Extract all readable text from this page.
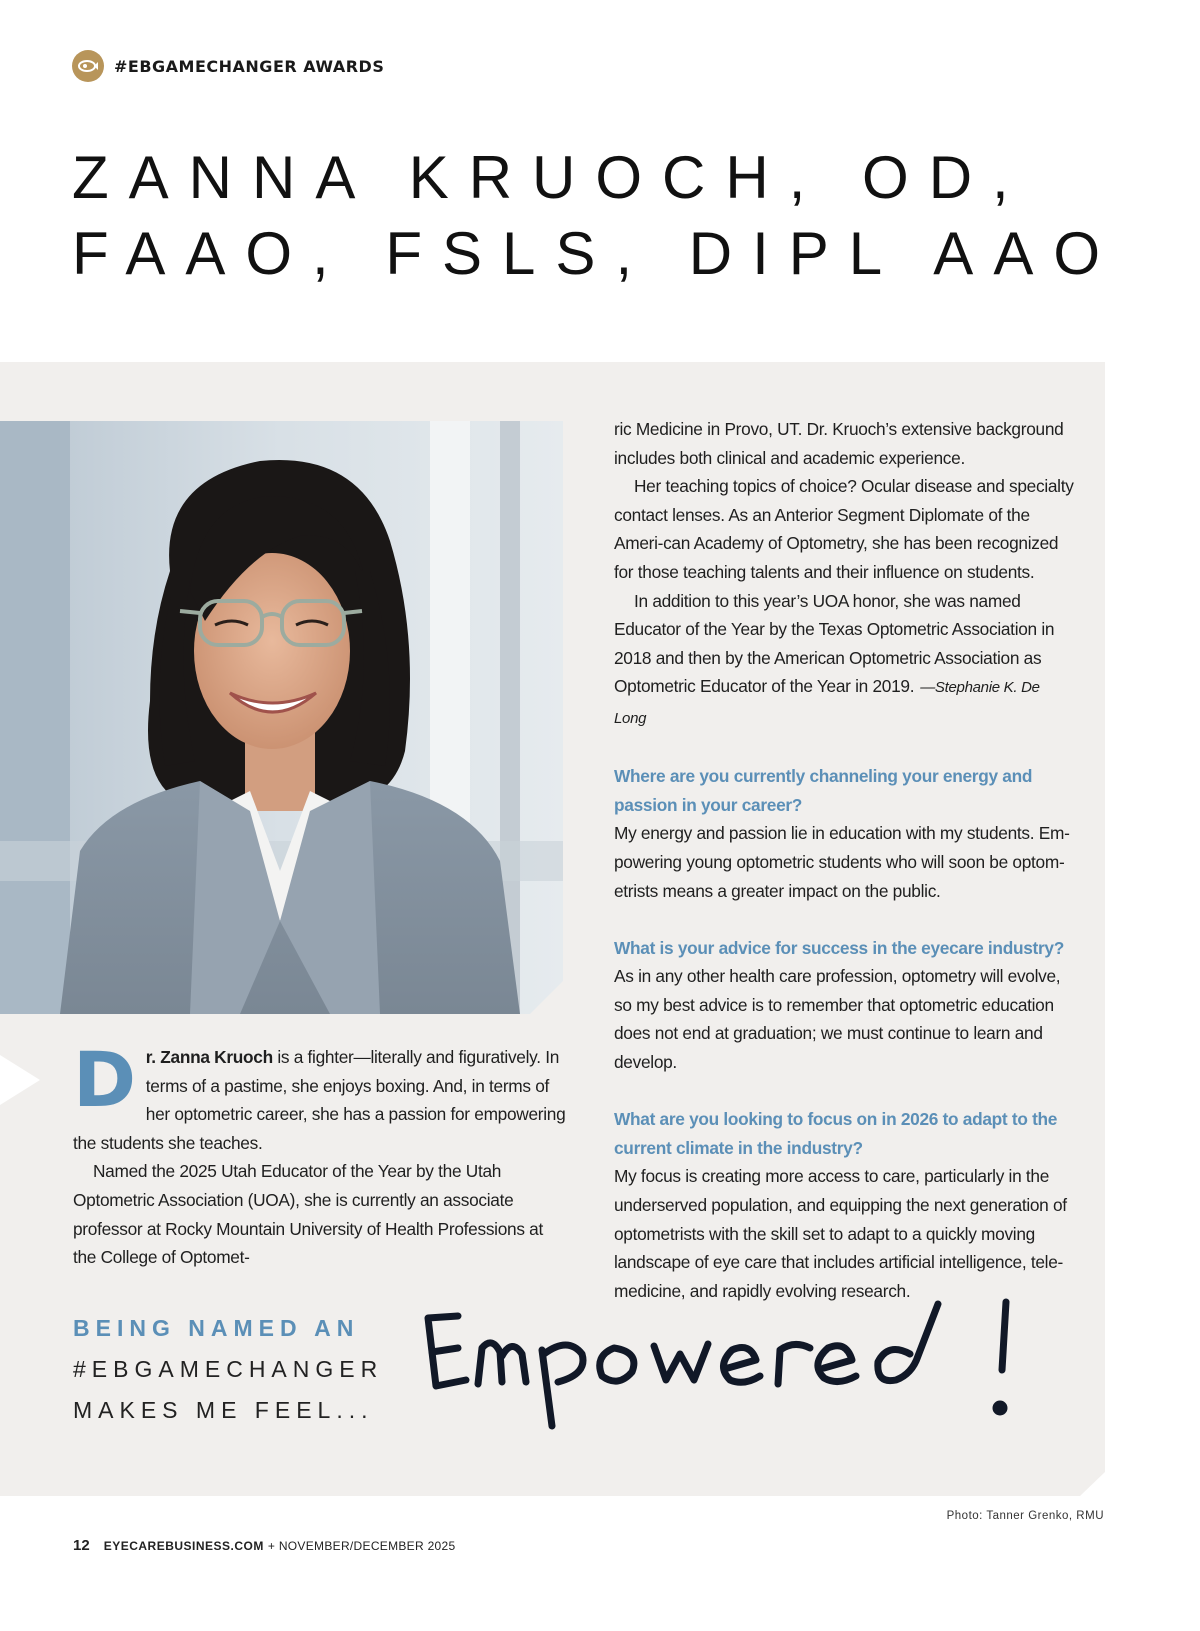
#EBGAMECHANGER AWARDS
ZANNA KRUOCH, OD,
FAAO, FSLS, DIPL AAO

Dr. Zanna Kruoch is a fighter—literally and figuratively. In terms of a pastime, she enjoys boxing. And, in terms of her optometric career, she has a passion for empowering the students she teaches.

Named the 2025 Utah Educator of the Year by the Utah Optometric Association (UOA), she is currently an associate professor at Rocky Mountain University of Health Professions at the College of Optomet-

ric Medicine in Provo, UT. Dr. Kruoch’s extensive background includes both clinical and academic experience.

Her teaching topics of choice? Ocular disease and specialty contact lenses. As an Anterior Segment Diplomate of the Ameri-can Academy of Optometry, she has been recognized for those teaching talents and their influence on students.

In addition to this year’s UOA honor, she was named Educator of the Year by the Texas Optometric Association in 2018 and then by the American Optometric Association as Optometric Educator of the Year in 2019. —Stephanie K. De Long

Where are you currently channeling your energy and passion in your career?

My energy and passion lie in education with my students. Em-powering young optometric students who will soon be optom-etrists means a greater impact on the public.

What is your advice for success in the eyecare industry?

As in any other health care profession, optometry will evolve, so my best advice is to remember that optometric education does not end at graduation; we must continue to learn and develop.

What are you looking to focus on in 2026 to adapt to the current climate in the industry?

My focus is creating more access to care, particularly in the underserved population, and equipping the next generation of optometrists with the skill set to adapt to a quickly moving landscape of eye care that includes artificial intelligence, tele-medicine, and rapidly evolving research.

BEING NAMED AN
#EBGAMECHANGER
MAKES ME FEEL...
Photo: Tanner Grenko, RMU
12 EYECAREBUSINESS.COM + NOVEMBER/DECEMBER 2025
